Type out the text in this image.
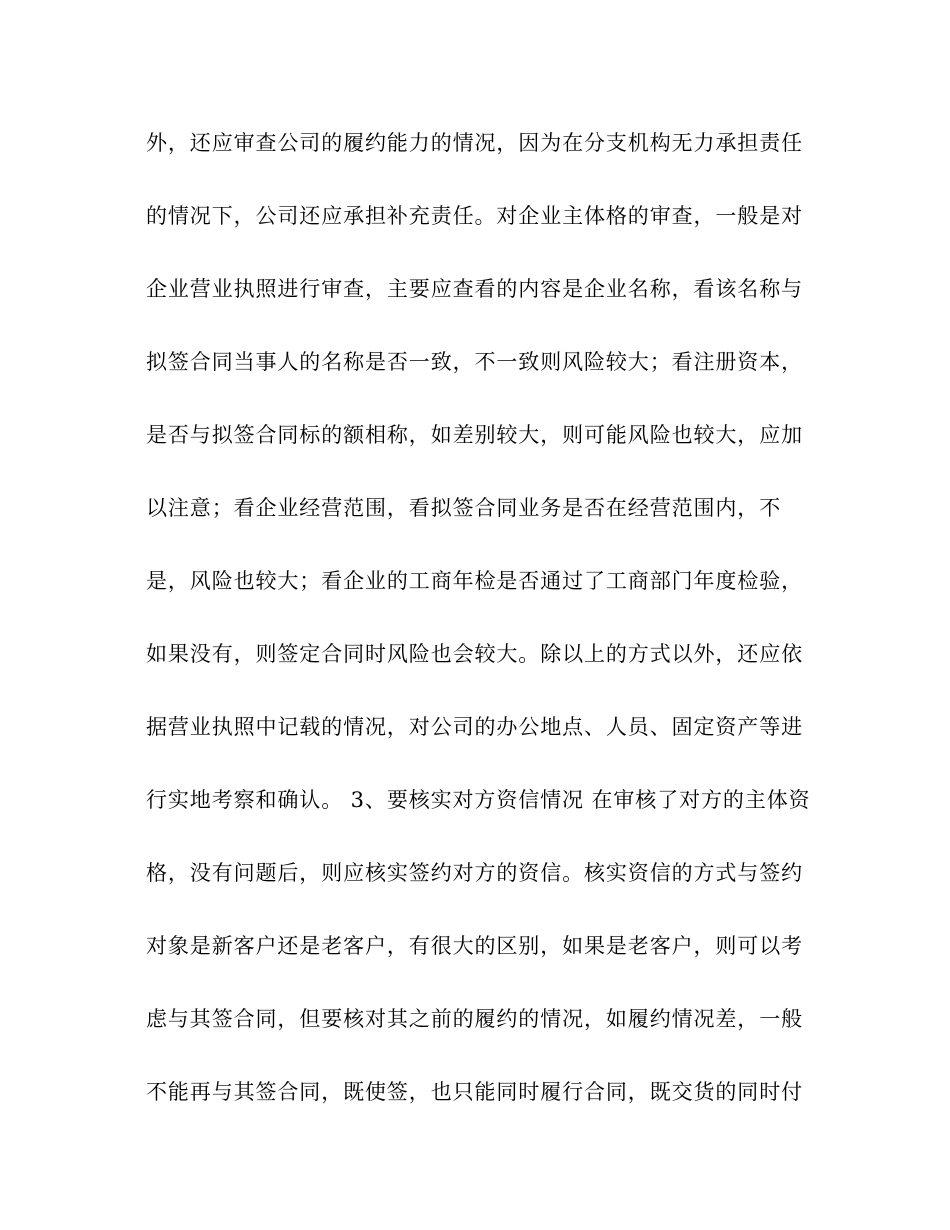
外，还应审查公司的履约能力的情况，因为在分支机构无力承担责任
的情况下，公司还应承担补充责任。对企业主体格的审查，一般是对
企业营业执照进行审查，主要应查看的内容是企业名称，看该名称与
拟签合同当事人的名称是否一致，不一致则风险较大；看注册资本，
是否与拟签合同标的额相称，如差别较大，则可能风险也较大，应加
以注意；看企业经营范围，看拟签合同业务是否在经营范围内，不
是，风险也较大；看企业的工商年检是否通过了工商部门年度检验，
如果没有，则签定合同时风险也会较大。除以上的方式以外，还应依
据营业执照中记载的情况，对公司的办公地点、人员、固定资产等进
行实地考察和确认。 3、要核实对方资信情况 在审核了对方的主体资
格，没有问题后，则应核实签约对方的资信。核实资信的方式与签约
对象是新客户还是老客户，有很大的区别，如果是老客户，则可以考
虑与其签合同，但要核对其之前的履约的情况，如履约情况差，一般
不能再与其签合同，既使签，也只能同时履行合同，既交货的同时付
